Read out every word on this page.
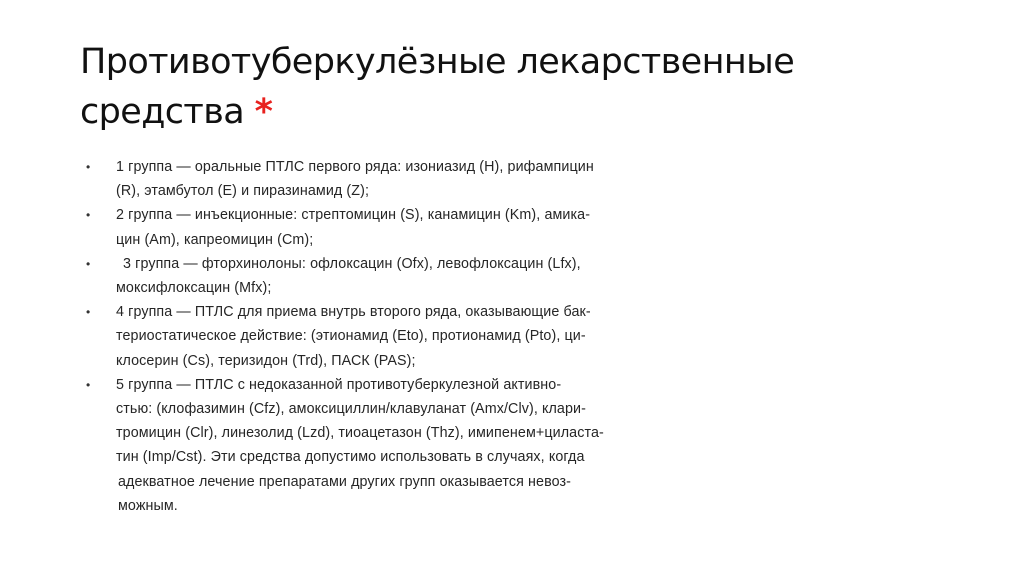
Противотуберкулёзные лекарственные
средства *
• 1 группа — оральные ПТЛС первого ряда: изониазид (H), рифампицин
(R), этамбутол (E) и пиразинамид (Z);
• 2 группа — инъекционные: стрептомицин (S), канамицин (Km), амика-
цин (Am), капреомицин (Cm);
•	3 группа — фторхинолоны: офлоксацин (Ofx), левофлоксацин (Lfx),
моксифлоксацин (Mfx);
• 4 группа — ПТЛС для приема внутрь второго ряда, оказывающие бак-
териостатическое действие: (этионамид (Eto), протионамид (Pto), ци-
клосерин (Cs), теризидон (Trd), ПАСК (PAS);
• 5 группа — ПТЛС с недоказанной противотуберкулезной активно-
стью: (клофазимин (Cfz), амоксициллин/клавуланат (Amx/Clv), клари-
тромицин (Clr), линезолид (Lzd), тиоацетазон (Thz), имипенем+циласта-
тин (Imp/Cst). Эти средства допустимо использовать в случаях, когда
адекватное лечение препаратами других групп оказывается невоз-
можным.
